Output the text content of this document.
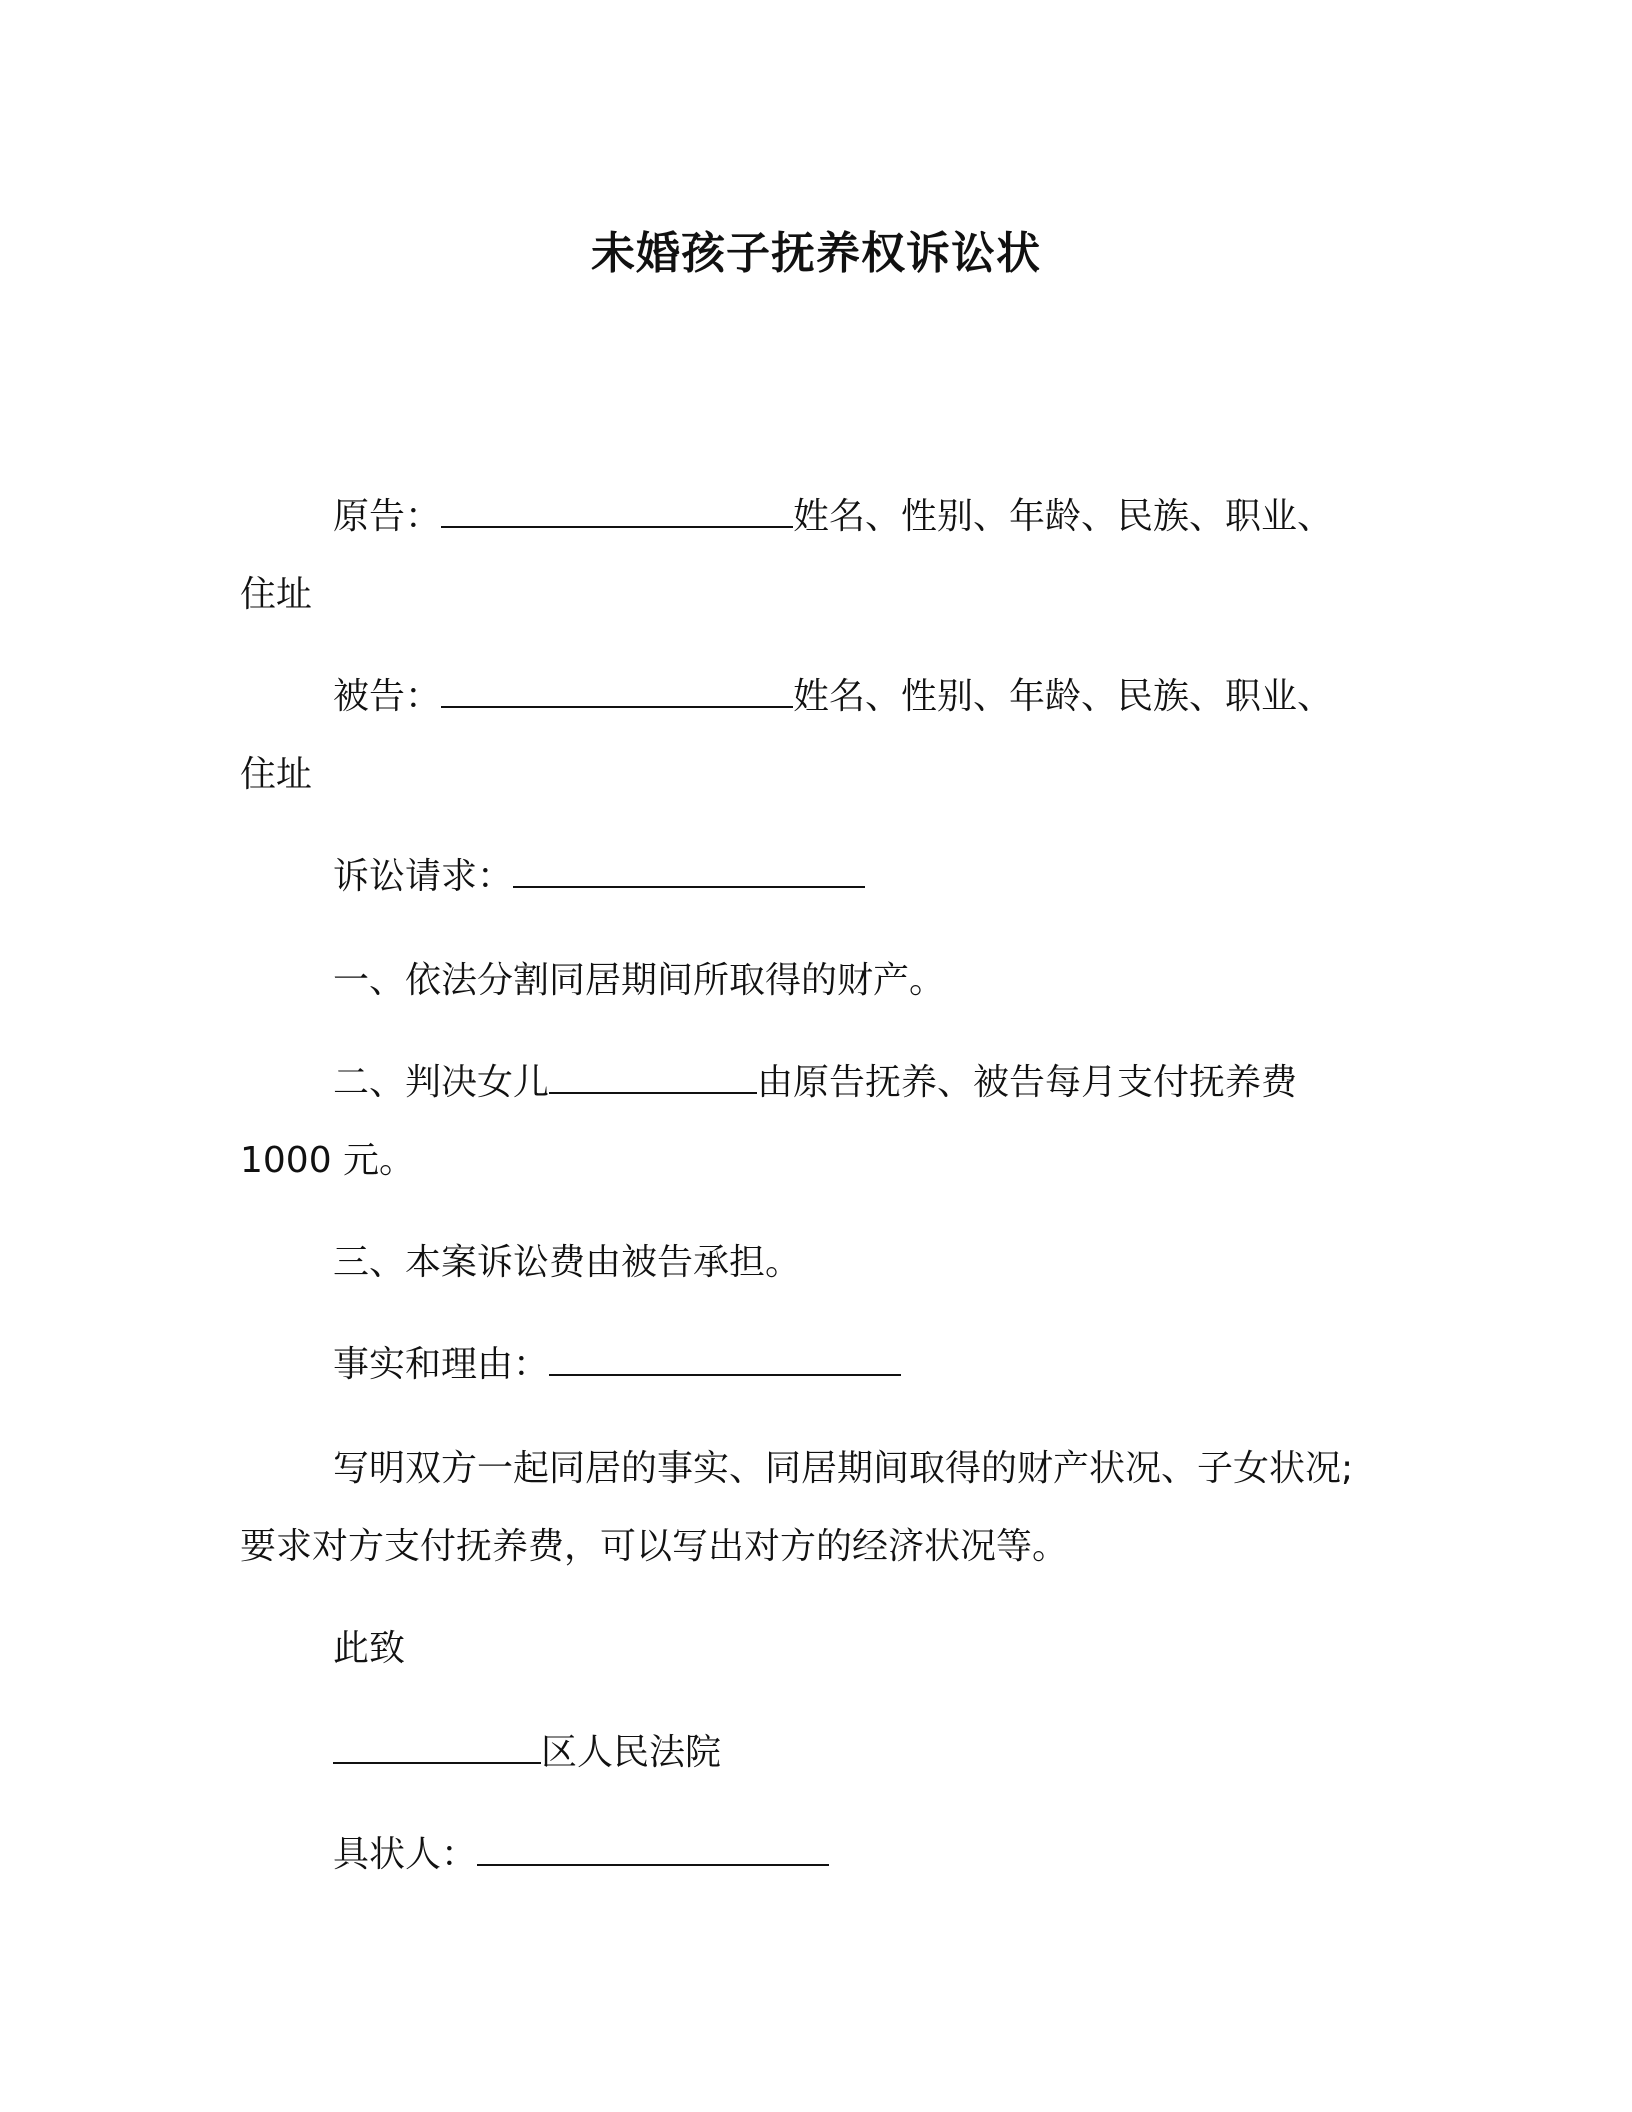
未婚孩子抚养权诉讼状
原告：	姓名、性别、年龄、民族、职业、
住址
被告：	姓名、性别、年龄、民族、职业、
住址
诉讼请求：
一、依法分割同居期间所取得的财产。
二、判决女儿	由原告抚养、被告每月支付抚养费
1000 元。
三、本案诉讼费由被告承担。
事实和理由：
写明双方一起同居的事实、同居期间取得的财产状况、子女状况;
要求对方支付抚养费，可以写出对方的经济状况等。
此致
区人民法院
具状人：
